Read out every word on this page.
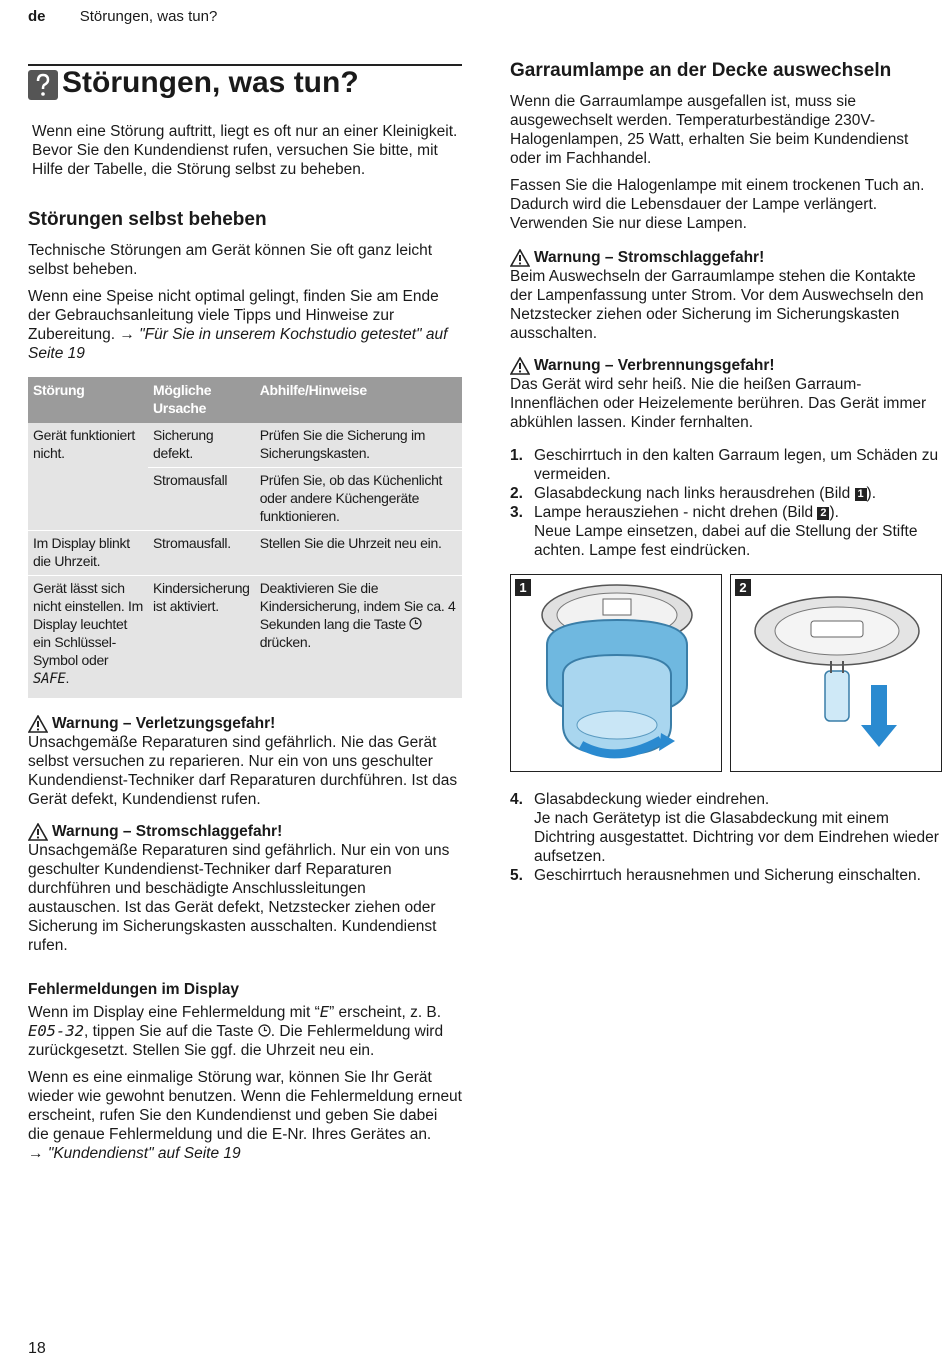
de Störungen, was tun?
Störungen, was tun?

Wenn eine Störung auftritt, liegt es oft nur an einer Kleinigkeit. Bevor Sie den Kundendienst rufen, versuchen Sie bitte, mit Hilfe der Tabelle, die Störung selbst zu beheben.

Störungen selbst beheben

Technische Störungen am Gerät können Sie oft ganz leicht selbst beheben.

Wenn eine Speise nicht optimal gelingt, finden Sie am Ende der Gebrauchsanleitung viele Tipps und Hinweise zur Zubereitung. → "Für Sie in unserem Kochstudio getestet" auf Seite 19

Störung	Mögliche Ursache	Abhilfe/Hinweise
Gerät funktioniert nicht.	Sicherung defekt.	Prüfen Sie die Sicherung im Sicherungskasten.
	Stromausfall	Prüfen Sie, ob das Küchenlicht oder andere Küchengeräte funktionieren.
Im Display blinkt die Uhrzeit.	Stromausfall.	Stellen Sie die Uhrzeit neu ein.
Gerät lässt sich nicht einstellen. Im Display leuchtet ein Schlüssel-Symbol oder SAFE.	Kindersicherung ist aktiviert.	Deaktivieren Sie die Kindersicherung, indem Sie ca. 4 Sekunden lang die Taste  drücken.
Warnung – Verletzungsgefahr!
Unsachgemäße Reparaturen sind gefährlich. Nie das Gerät selbst versuchen zu reparieren. Nur ein von uns geschulter Kundendienst-Techniker darf Reparaturen durchführen. Ist das Gerät defekt, Kundendienst rufen.
Warnung – Stromschlaggefahr!
Unsachgemäße Reparaturen sind gefährlich. Nur ein von uns geschulter Kundendienst-Techniker darf Reparaturen durchführen und beschädigte Anschlussleitungen austauschen. Ist das Gerät defekt, Netzstecker ziehen oder Sicherung im Sicherungskasten ausschalten. Kundendienst rufen.
Fehlermeldungen im Display

Wenn im Display eine Fehlermeldung mit “E” erscheint, z. B. E05-32, tippen Sie auf die Taste . Die Fehlermeldung wird zurückgesetzt. Stellen Sie ggf. die Uhrzeit neu ein.

Wenn es eine einmalige Störung war, können Sie Ihr Gerät wieder wie gewohnt benutzen. Wenn die Fehlermeldung erneut erscheint, rufen Sie den Kundendienst und geben Sie dabei die genaue Fehlermeldung und die E-Nr. Ihres Gerätes an.
→ "Kundendienst" auf Seite 19

Garraumlampe an der Decke auswechseln

Wenn die Garraumlampe ausgefallen ist, muss sie ausgewechselt werden. Temperaturbeständige 230V-Halogenlampen, 25 Watt, erhalten Sie beim Kundendienst oder im Fachhandel.

Fassen Sie die Halogenlampe mit einem trockenen Tuch an. Dadurch wird die Lebensdauer der Lampe verlängert. Verwenden Sie nur diese Lampen.

Warnung – Stromschlaggefahr!
Beim Auswechseln der Garraumlampe stehen die Kontakte der Lampenfassung unter Strom. Vor dem Auswechseln den Netzstecker ziehen oder Sicherung im Sicherungskasten ausschalten.
Warnung – Verbrennungsgefahr!
Das Gerät wird sehr heiß. Nie die heißen Garraum-Innenflächen oder Heizelemente berühren. Das Gerät immer abkühlen lassen. Kinder fernhalten.
1. Geschirrtuch in den kalten Garraum legen, um Schäden zu vermeiden.
2. Glasabdeckung nach links herausdrehen (Bild 1 ).
3. Lampe herausziehen - nicht drehen (Bild 2 ).
Neue Lampe einsetzen, dabei auf die Stellung der Stifte achten. Lampe fest eindrücken.
1	2
4. Glasabdeckung wieder eindrehen.
Je nach Gerätetyp ist die Glasabdeckung mit einem Dichtring ausgestattet. Dichtring vor dem Eindrehen wieder aufsetzen.
5. Geschirrtuch herausnehmen und Sicherung einschalten.
18
